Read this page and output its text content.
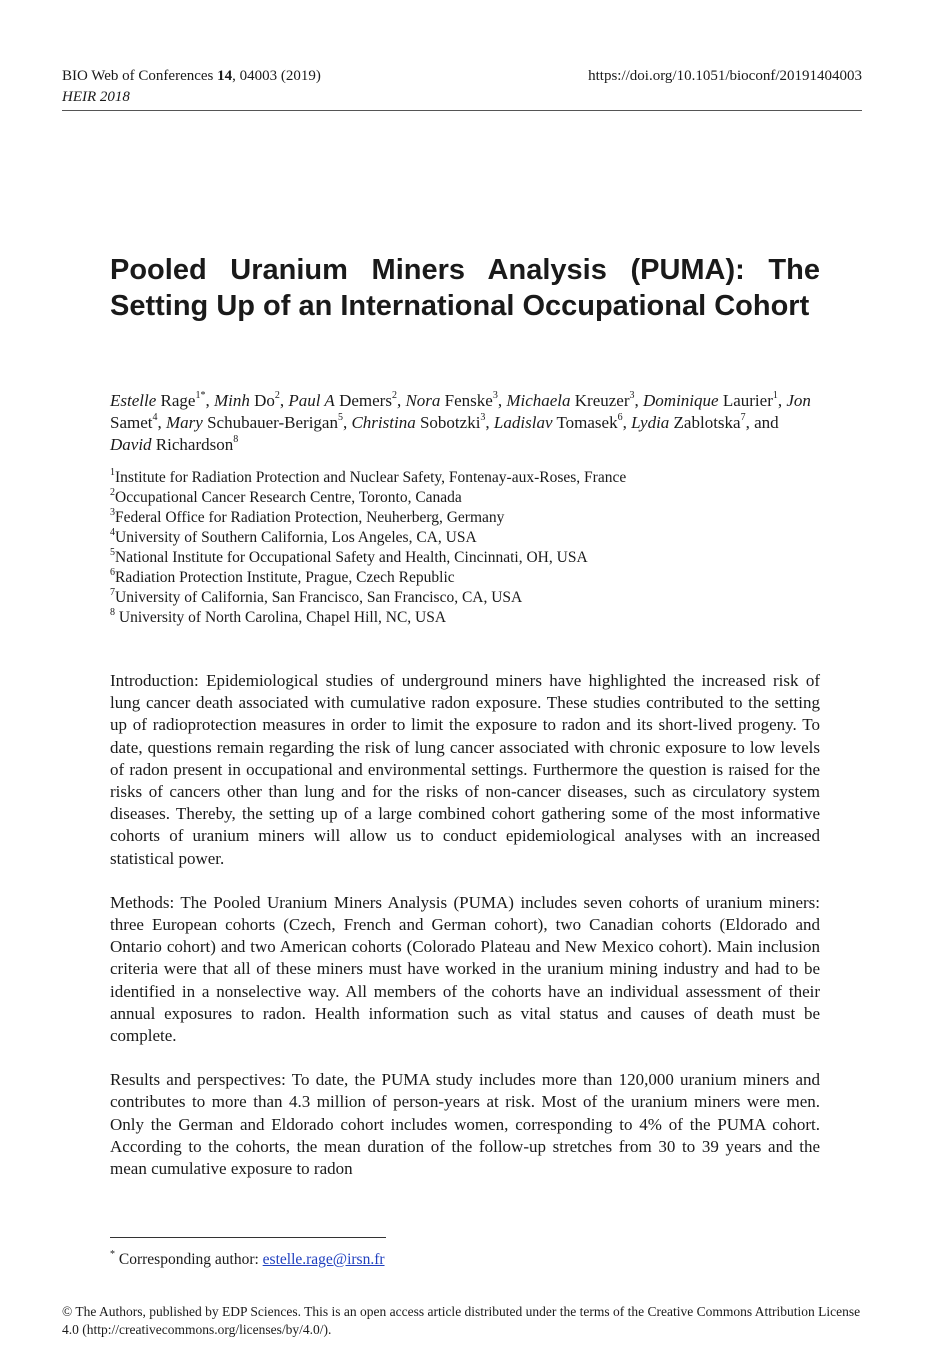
BIO Web of Conferences 14, 04003 (2019)
HEIR 2018
https://doi.org/10.1051/bioconf/20191404003
Pooled Uranium Miners Analysis (PUMA): The Setting Up of an International Occupational Cohort

Estelle Rage$^{1*}$, Minh Do$^2$, Paul A Demers$^2$, Nora Fenske$^3$, Michaela Kreuzer$^3$, Dominique Laurier$^1$, Jon Samet$^4$, Mary Schubauer-Berigan$^5$, Christina Sobotzki$^3$, Ladislav Tomasek$^6$, Lydia Zablotska$^7$, and David Richardson$^8$

$^1$Institute for Radiation Protection and Nuclear Safety, Fontenay-aux-Roses, France
$^2$Occupational Cancer Research Centre, Toronto, Canada
$^3$Federal Office for Radiation Protection, Neuherberg, Germany
$^4$University of Southern California, Los Angeles, CA, USA
$^5$National Institute for Occupational Safety and Health, Cincinnati, OH, USA
$^6$Radiation Protection Institute, Prague, Czech Republic
$^7$University of California, San Francisco, San Francisco, CA, USA
$^8$ University of North Carolina, Chapel Hill, NC, USA

Introduction: Epidemiological studies of underground miners have highlighted the increased risk of lung cancer death associated with cumulative radon exposure. These studies contributed to the setting up of radioprotection measures in order to limit the exposure to radon and its short-lived progeny. To date, questions remain regarding the risk of lung cancer associated with chronic exposure to low levels of radon present in occupational and environmental settings. Furthermore the question is raised for the risks of cancers other than lung and for the risks of non-cancer diseases, such as circulatory system diseases. Thereby, the setting up of a large combined cohort gathering some of the most informative cohorts of uranium miners will allow us to conduct epidemiological analyses with an increased statistical power.

Methods: The Pooled Uranium Miners Analysis (PUMA) includes seven cohorts of uranium miners: three European cohorts (Czech, French and German cohort), two Canadian cohorts (Eldorado and Ontario cohort) and two American cohorts (Colorado Plateau and New Mexico cohort). Main inclusion criteria were that all of these miners must have worked in the uranium mining industry and had to be identified in a nonselective way. All members of the cohorts have an individual assessment of their annual exposures to radon. Health information such as vital status and causes of death must be complete.

Results and perspectives: To date, the PUMA study includes more than 120,000 uranium miners and contributes to more than 4.3 million of person-years at risk. Most of the uranium miners were men. Only the German and Eldorado cohort includes women, corresponding to 4% of the PUMA cohort. According to the cohorts, the mean duration of the follow-up stretches from 30 to 39 years and the mean cumulative exposure to radon

* Corresponding author: estelle.rage@irsn.fr

© The Authors, published by EDP Sciences. This is an open access article distributed under the terms of the Creative Commons Attribution License 4.0 (http://creativecommons.org/licenses/by/4.0/).
